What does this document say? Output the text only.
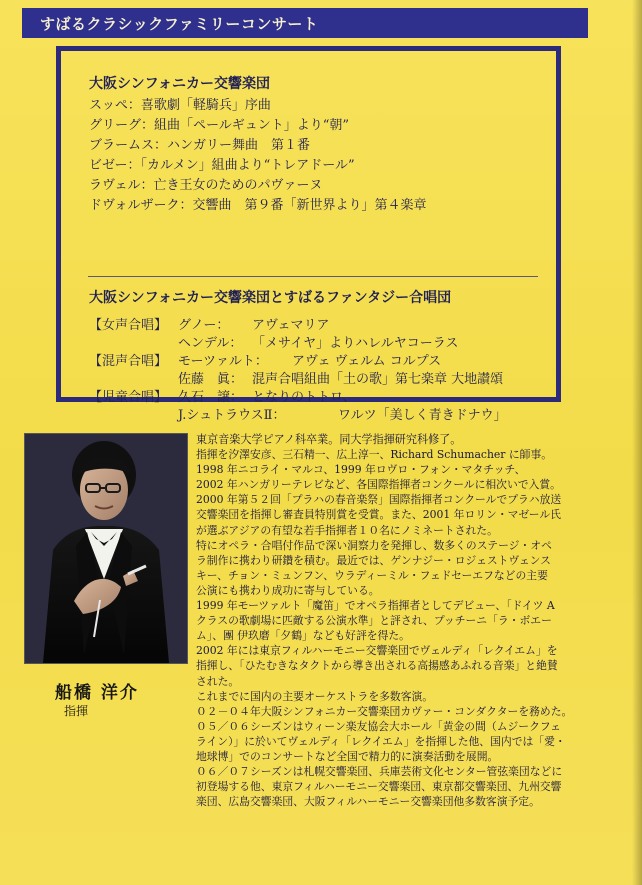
すばるクラシックファミリーコンサート
大阪シンフォニカー交響楽団
スッペ：喜歌劇「軽騎兵」序曲
グリーグ：組曲「ペールギュント」より“朝”
ブラームス：ハンガリー舞曲　第１番
ビゼー：「カルメン」組曲より“トレアドール”
ラヴェル：亡き王女のためのパヴァーヌ
ドヴォルザーク：交響曲　第９番「新世界より」第４楽章
大阪シンフォニカー交響楽団とすばるファンタジー合唱団
【女声合唱】 グノー：	アヴェマリア
ヘンデル： 「メサイヤ」よりハレルヤコーラス
【混声合唱】 モーツァルト：	アヴェ ヴェルム コルプス
佐藤　眞： 混声合唱組曲「土の歌」第七楽章 大地讃頌
【児童合唱】 久石　譲： となりのトトロ、
J.シュトラウスⅡ：	ワルツ「美しく青きドナウ」
船橋 洋介
指揮

東京音楽大学ピアノ科卒業。同大学指揮研究科修了。

指揮を汐澤安彦、三石精一、広上淳一、Richard Schumacher に師事。

1998 年ニコライ・マルコ、1999 年ロヴロ・フォン・マタチッチ、

2002 年ハンガリーテレビなど、各国際指揮者コンクールに相次いで入賞。

2000 年第５２回「プラハの春音楽祭」国際指揮者コンクールでプラハ放送

交響楽団を指揮し審査員特別賞を受賞。また、2001 年ロリン・マゼール氏

が選ぶアジアの有望な若手指揮者１０名にノミネートされた。

特にオペラ・合唱付作品で深い洞察力を発揮し、数多くのステージ・オペ

ラ制作に携わり研鑽を積む。最近では、ゲンナジー・ロジェストヴェンス

キー、チョン・ミュンフン、ウラディーミル・フェドセーエフなどの主要

公演にも携わり成功に寄与している。

1999 年モーツァルト「魔笛」でオペラ指揮者としてデビュー、「ドイツ A

クラスの歌劇場に匹敵する公演水準」と評され、プッチーニ「ラ・ボエー

ム」、團 伊玖磨「夕鶴」なども好評を得た。

2002 年には東京フィルハーモニー交響楽団でヴェルディ「レクイエム」を

指揮し、「ひたむきなタクトから導き出される高揚感あふれる音楽」と絶賛

された。

これまでに国内の主要オーケストラを多数客演。

０２－０４年大阪シンフォニカー交響楽団カヴァー・コンダクターを務めた。

０５／０６シーズンはウィーン楽友協会大ホール「黄金の間（ムジークフェ

ライン）」に於いてヴェルディ「レクイエム」を指揮した他、国内では「愛・

地球博」でのコンサートなど全国で精力的に演奏活動を展開。

０６／０７シーズンは札幌交響楽団、兵庫芸術文化センター管弦楽団などに

初登場する他、東京フィルハーモニー交響楽団、東京都交響楽団、九州交響

楽団、広島交響楽団、大阪フィルハーモニー交響楽団他多数客演予定。
